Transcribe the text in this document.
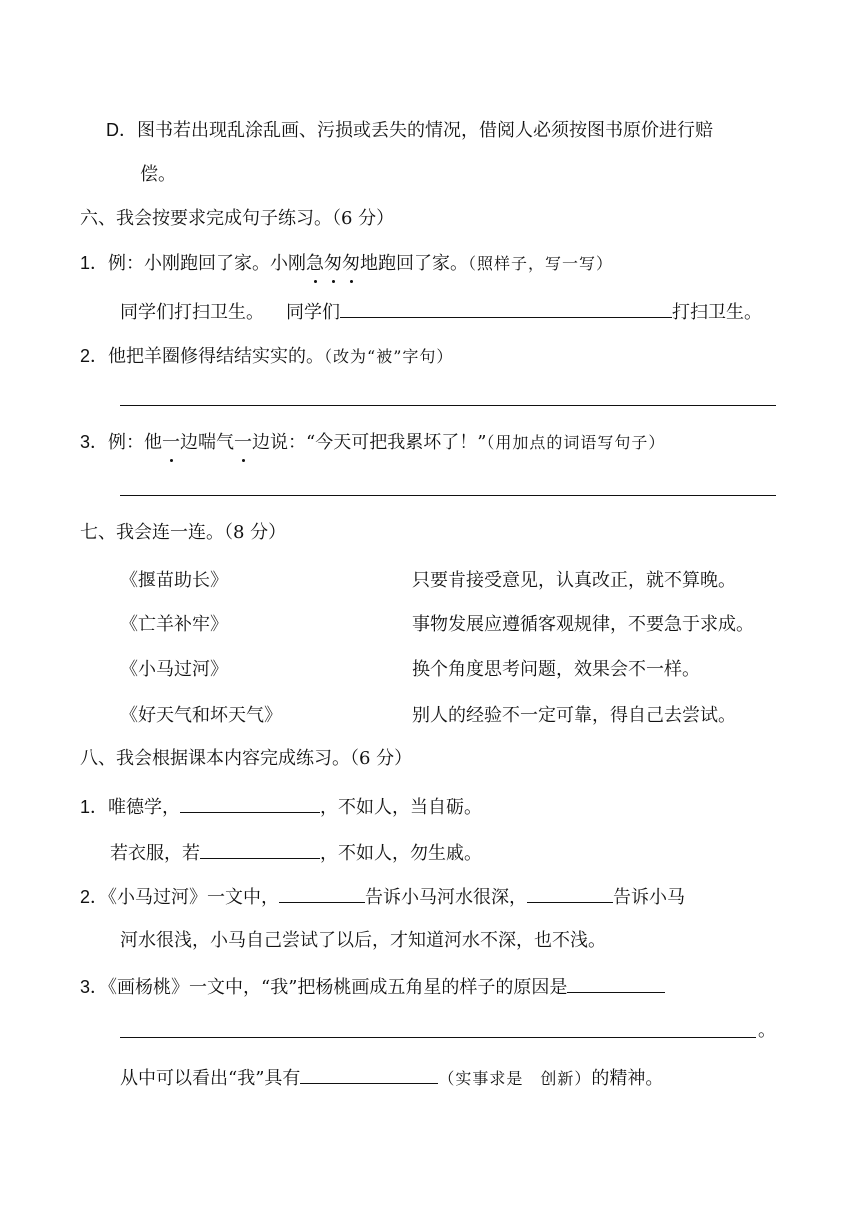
D．图书若出现乱涂乱画、污损或丢失的情况，借阅人必须按图书原价进行赔
偿。
六、我会按要求完成句子练习。（6 分）
1．例：小刚跑回了家。小刚急匆匆地跑回了家。（照样子，写一写）
同学们打扫卫生。 同学们	打扫卫生。
2．他把羊圈修得结结实实的。（改为“被”字句）
3．例：他一边喘气一边说：“今天可把我累坏了！”（用加点的词语写句子）
七、我会连一连。（8 分）
《揠苗助长》	只要肯接受意见，认真改正，就不算晚。
《亡羊补牢》	事物发展应遵循客观规律，不要急于求成。
《小马过河》	换个角度思考问题，效果会不一样。
《好天气和坏天气》	别人的经验不一定可靠，得自己去尝试。
八、我会根据课本内容完成练习。（6 分）
1．唯德学，	，不如人，当自砺。
若衣服，若	，不如人，勿生戚。
2．《小马过河》一文中，	告诉小马河水很深，	告诉小马
河水很浅，小马自己尝试了以后，才知道河水不深，也不浅。
3．《画杨桃》一文中，“我”把杨桃画成五角星的样子的原因是
。
从中可以看出“我”具有	（实事求是　创新）的精神。
